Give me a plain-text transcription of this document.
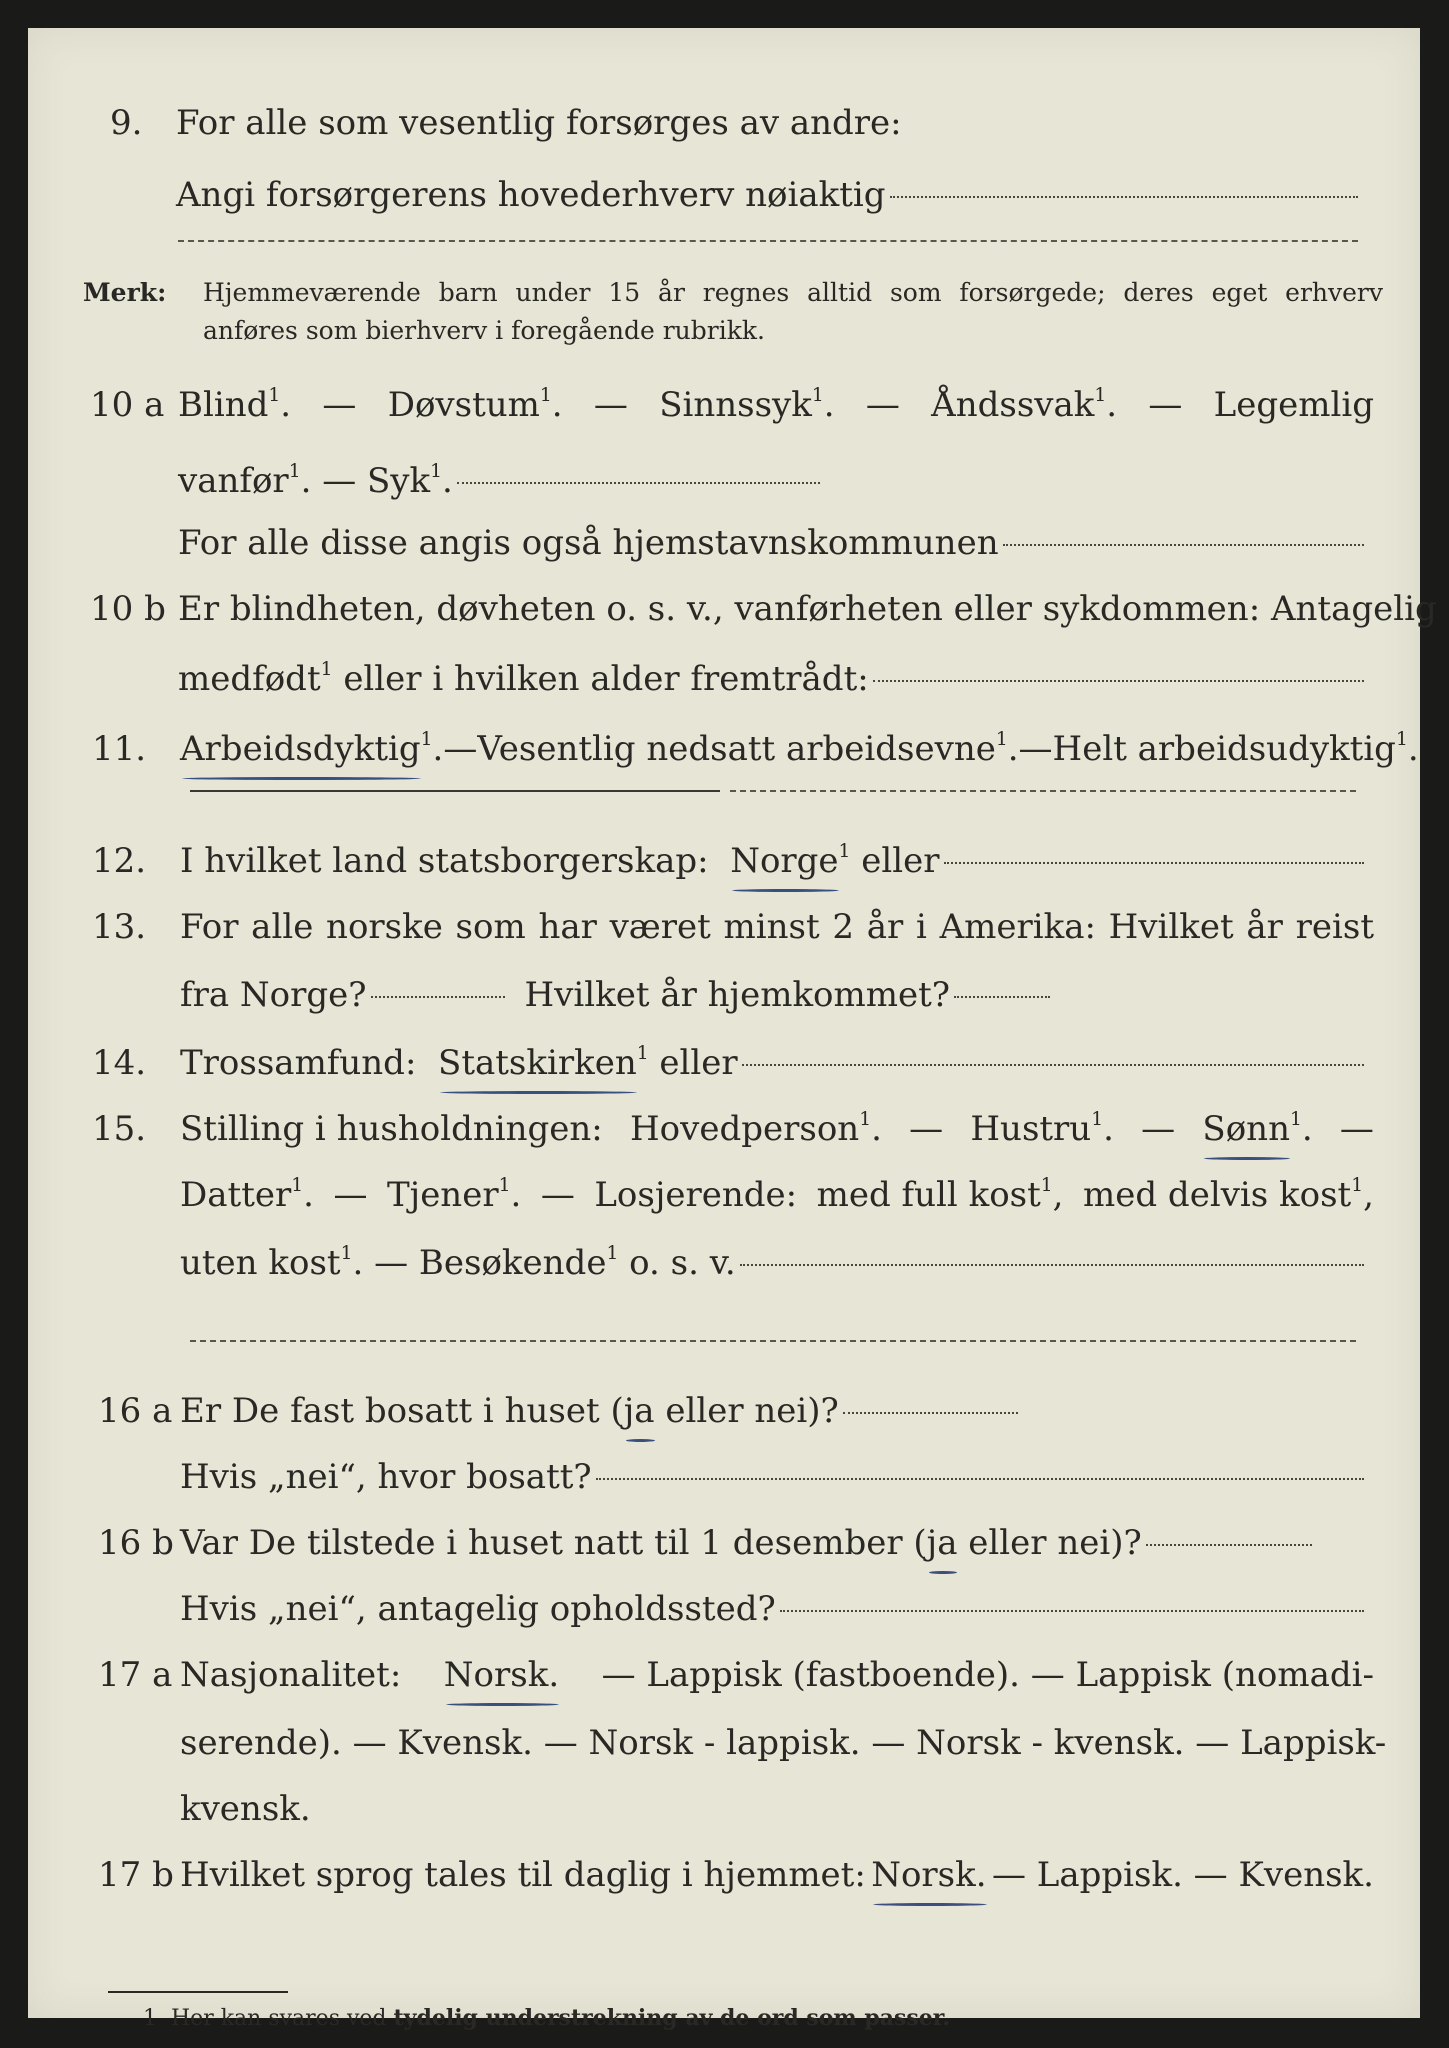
9. For alle som vesentlig forsørges av andre:
Angi forsørgerens hovederhverv nøiaktig
Merk: Hjemmeværende barn under 15 år regnes alltid som forsørgede; deres eget erhverv
anføres som bierhverv i foregående rubrikk.
10 a Blind$^1$. — Døvstum$^1$. — Sinnssyk$^1$. — Åndssvak$^1$. — Legemlig
vanfør$^1$. — Syk$^1$.
For alle disse angis også hjemstavnskommunen
10 b Er blindheten, døvheten o. s. v., vanførheten eller sykdommen: Antagelig
medfødt$^1$ eller i hvilken alder fremtrådt:
11. Arbeidsdyktig$^1$. — Vesentlig nedsatt arbeidsevne$^1$. — Helt arbeidsudyktig$^1$.
12. I hvilket land statsborgerskap: Norge$^1$ eller
13. For alle norske som har været minst 2 år i Amerika: Hvilket år reist
fra Norge?	Hvilket år hjemkommet?
14. Trossamfund: Statskirken$^1$ eller
15. Stilling i husholdningen: Hovedperson$^1$. — Hustru$^1$. — Sønn$^1$. —
Datter$^1$. — Tjener$^1$. — Losjerende: med full kost$^1$, med delvis kost$^1$,
uten kost$^1$. — Besøkende$^1$ o. s. v.
16 a Er De fast bosatt i huset (ja eller nei)?
Hvis „nei“, hvor bosatt?
16 b Var De tilstede i huset natt til 1 desember (ja eller nei)?
Hvis „nei“, antagelig opholdssted?
17 a Nasjonalitet: Norsk. — Lappisk (fastboende). — Lappisk (nomadi-
serende). — Kvensk. — Norsk - lappisk. — Norsk - kvensk. — Lappisk-
kvensk.
17 b Hvilket sprog tales til daglig i hjemmet: Norsk. — Lappisk. — Kvensk.
1 Her kan svares ved tydelig understrekning av de ord som passer.
